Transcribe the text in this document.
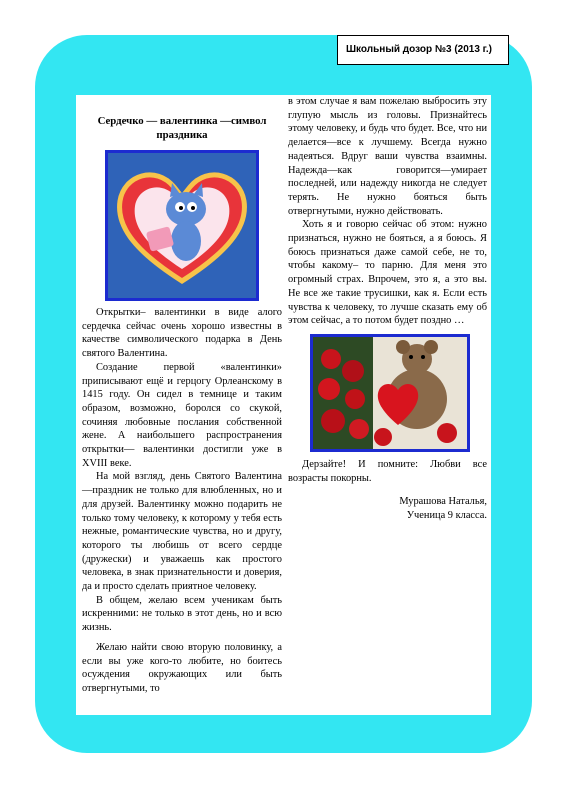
Школьный дозор №3 (2013 г.)
Сердечко — валентинка —символ праздника

Открытки– валентинки в виде алого сердечка сейчас очень хорошо известны в качестве символического подарка в День святого Валентина.

Создание первой «валентинки» приписывают ещё и герцогу Орлеанскому в 1415 году. Он сидел в темнице и таким образом, возможно, боролся со скукой, сочиняя любовные послания собственной жене. А наибольшего распространения открытки— валентинки достигли уже в XVIII веке.

На мой взгляд, день Святого Валентина—праздник не только для влюбленных, но и для друзей. Валентинку можно подарить не только тому человеку, к которому у тебя есть нежные, романтические чувства, но и другу, которого ты любишь от всего сердце (дружески) и уважаешь как простого человека, в знак признательности и доверия, да и просто сделать приятное человеку.

В общем, желаю всем ученикам быть искренними: не только в этот день, но и всю жизнь.

Желаю найти свою вторую половинку, а если вы уже кого-то любите, но боитесь осуждения окружающих или быть отвергнутыми, то

в этом случае я вам пожелаю выбросить эту глупую мысль из головы. Признайтесь этому человеку, и будь что будет. Все, что ни делается—все к лучшему. Всегда нужно надеяться. Вдруг ваши чувства взаимны. Надежда—как говорится—умирает последней, или надежду никогда не следует терять. Не нужно бояться быть отвергнутыми, нужно действовать.

Хоть я и говорю сейчас об этом: нужно признаться, нужно не бояться, а я боюсь. Я боюсь признаться даже самой себе, не то, чтобы какому– то парню. Для меня это огромный страх. Впрочем, это я, а это вы. Не все же такие трусишки, как я. Если есть чувства к человеку, то лучше сказать ему об этом сейчас, а то потом будет поздно …

Дерзайте! И помните: Любви все возрасты покорны.

Мурашова Наталья,
Ученица 9 класса.
